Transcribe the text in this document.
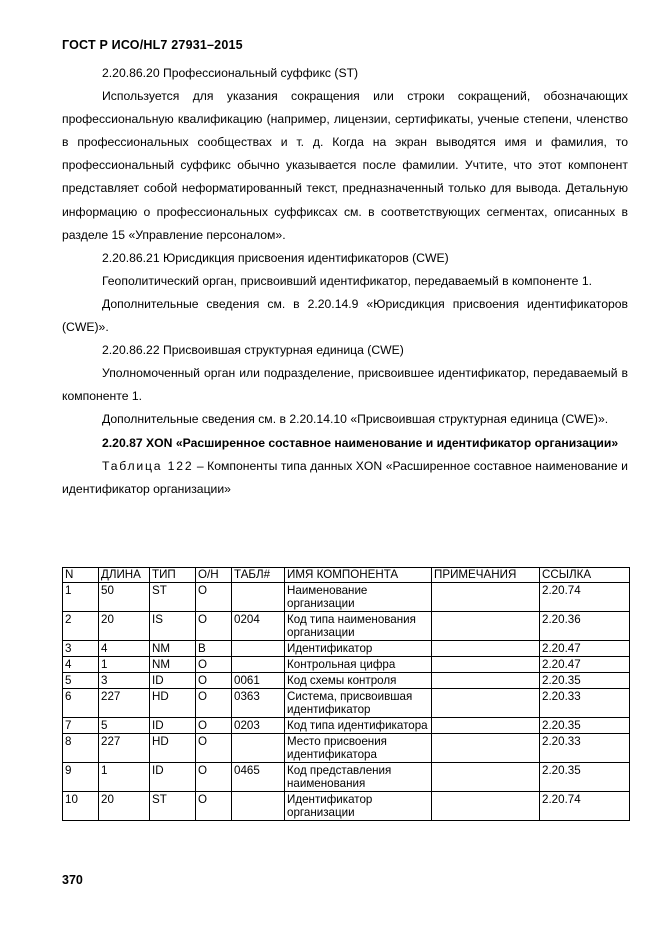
ГОСТ Р ИСО/HL7 27931–2015

2.20.86.20 Профессиональный суффикс (ST)

Используется для указания сокращения или строки сокращений, обозначающих профессиональную квалификацию (например, лицензии, сертификаты, ученые степени, членство в профессиональных сообществах и т. д. Когда на экран выводятся имя и фамилия, то профессиональный суффикс обычно указывается после фамилии. Учтите, что этот компонент представляет собой неформатированный текст, предназначенный только для вывода. Детальную информацию о профессиональных суффиксах см. в соответствующих сегментах, описанных в разделе 15 «Управление персоналом».

2.20.86.21 Юрисдикция присвоения идентификаторов (CWE)

Геополитический орган, присвоивший идентификатор, передаваемый в компоненте 1.

Дополнительные сведения см. в 2.20.14.9 «Юрисдикция присвоения идентификаторов (CWE)».

2.20.86.22 Присвоившая структурная единица (CWE)

Уполномоченный орган или подразделение, присвоившее идентификатор, передаваемый в компоненте 1.

Дополнительные сведения см. в 2.20.14.10 «Присвоившая структурная единица (CWE)».

2.20.87 XON «Расширенное составное наименование и идентификатор организации»

Таблица 122 – Компоненты типа данных XON «Расширенное составное наименование и идентификатор организации»

N	ДЛИНА	ТИП	О/Н	ТАБЛ#	ИМЯ КОМПОНЕНТА	ПРИМЕЧАНИЯ	ССЫЛКА
1	50	ST	O		Наименование организации		2.20.74
2	20	IS	O	0204	Код типа наименования организации		2.20.36
3	4	NM	B		Идентификатор		2.20.47
4	1	NM	O		Контрольная цифра		2.20.47
5	3	ID	O	0061	Код схемы контроля		2.20.35
6	227	HD	O	0363	Система, присвоившая идентификатор		2.20.33
7	5	ID	O	0203	Код типа идентификатора		2.20.35
8	227	HD	O		Место присвоения идентификатора		2.20.33
9	1	ID	O	0465	Код представления наименования		2.20.35
10	20	ST	O		Идентификатор организации		2.20.74
370
